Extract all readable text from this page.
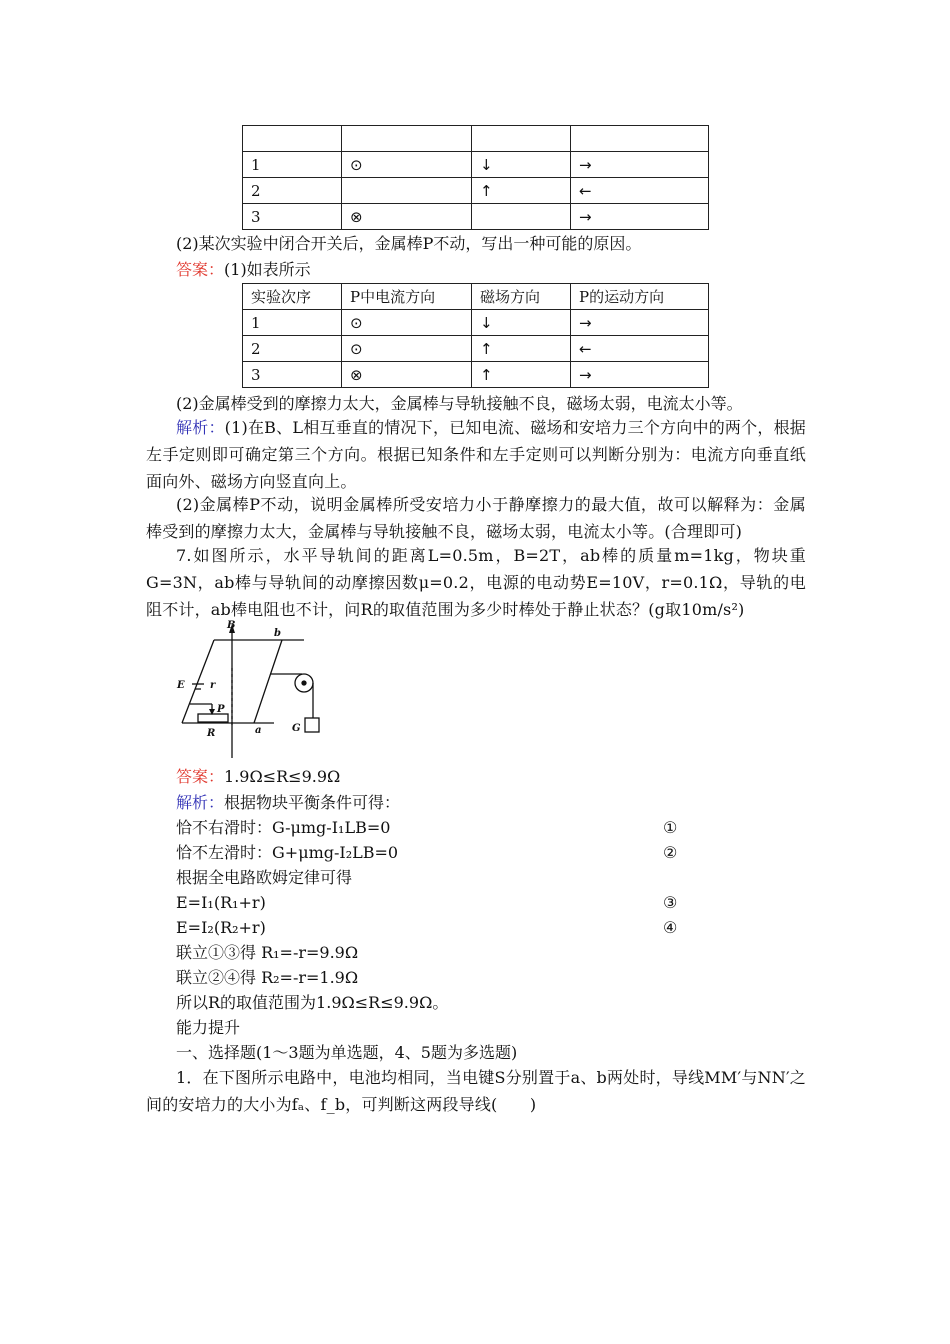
1	⊙	↓	→
2		↑	←
3	⊗		→
(2)某次实验中闭合开关后，金属棒P不动，写出一种可能的原因。
答案：(1)如表所示
实验次序	P中电流方向	磁场方向	P的运动方向
1	⊙	↓	→
2	⊙	↑	←
3	⊗	↑	→
(2)金属棒受到的摩擦力太大，金属棒与导轨接触不良，磁场太弱，电流太小等。
解析：(1)在B、L相互垂直的情况下，已知电流、磁场和安培力三个方向中的两个，根据左手定则即可确定第三个方向。根据已知条件和左手定则可以判断分别为：电流方向垂直纸面向外、磁场方向竖直向上。
(2)金属棒P不动，说明金属棒所受安培力小于静摩擦力的最大值，故可以解释为：金属棒受到的摩擦力太大，金属棒与导轨接触不良，磁场太弱，电流太小等。(合理即可)
7.如图所示，水平导轨间的距离L=0.5m，B=2T，ab棒的质量m=1kg，物块重G=3N，ab棒与导轨间的动摩擦因数μ=0.2，电源的电动势E=10V，r=0.1Ω，导轨的电阻不计，ab棒电阻也不计，问R的取值范围为多少时棒处于静止状态？(g取10m/s²)
B
b
E	r
P
R	a	G
答案：1.9Ω≤R≤9.9Ω
解析：根据物块平衡条件可得：
恰不右滑时：G-μmg-I₁LB=0	①
恰不左滑时：G+μmg-I₂LB=0	②
根据全电路欧姆定律可得
E=I₁(R₁+r)	③
E=I₂(R₂+r)	④
联立①③得 R₁=-r=9.9Ω
联立②④得 R₂=-r=1.9Ω
所以R的取值范围为1.9Ω≤R≤9.9Ω。
能力提升
一、选择题(1～3题为单选题，4、5题为多选题)
1．在下图所示电路中，电池均相同，当电键S分别置于a、b两处时，导线MM′与NN′之间的安培力的大小为fₐ、f_b，可判断这两段导线(　　)
